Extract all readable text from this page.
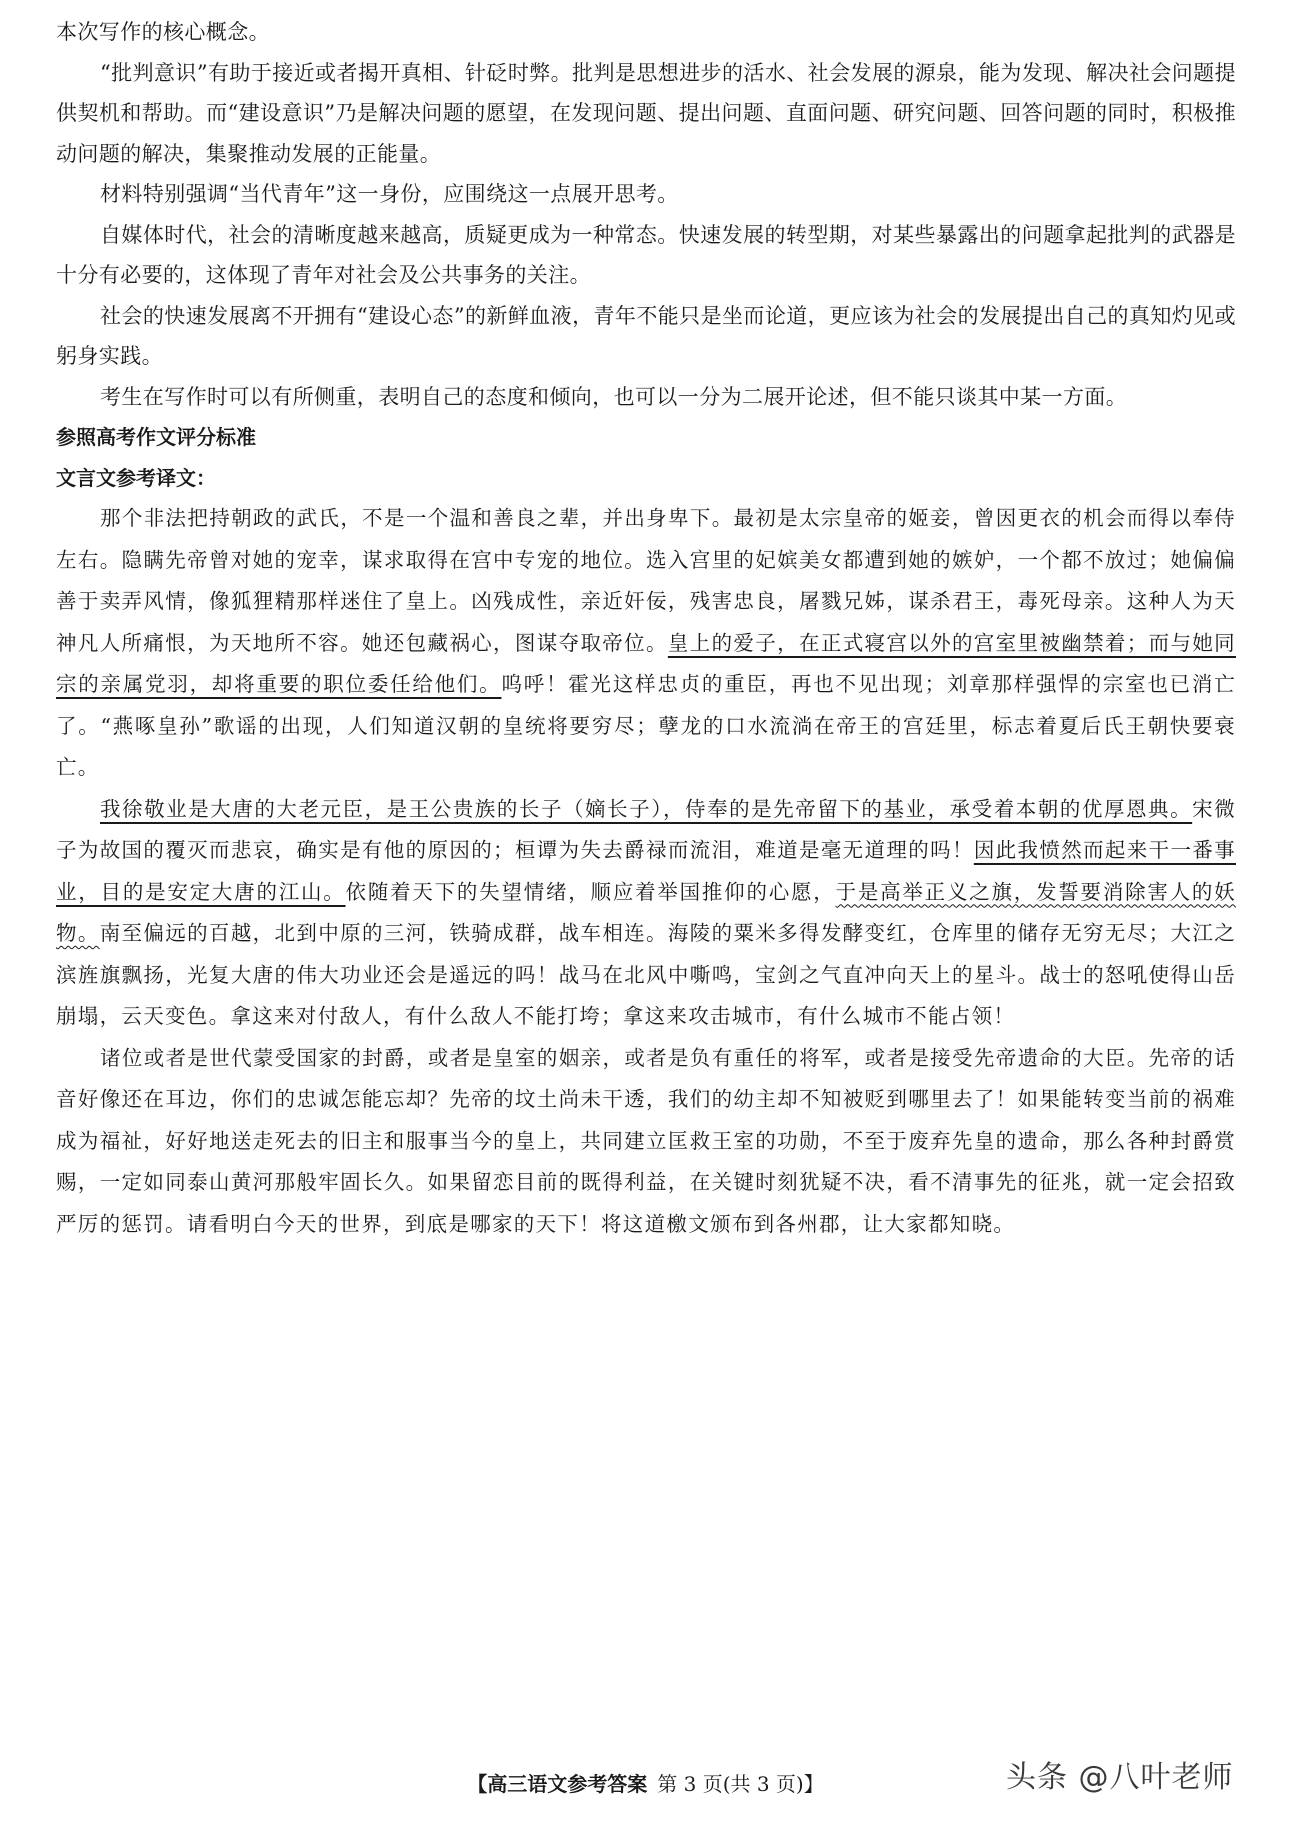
本次写作的核心概念。

“批判意识”有助于接近或者揭开真相、针砭时弊。批判是思想进步的活水、社会发展的源泉，能为发现、解决社会问题提供契机和帮助。而“建设意识”乃是解决问题的愿望，在发现问题、提出问题、直面问题、研究问题、回答问题的同时，积极推动问题的解决，集聚推动发展的正能量。

材料特别强调“当代青年”这一身份，应围绕这一点展开思考。

自媒体时代，社会的清晰度越来越高，质疑更成为一种常态。快速发展的转型期，对某些暴露出的问题拿起批判的武器是十分有必要的，这体现了青年对社会及公共事务的关注。

社会的快速发展离不开拥有“建设心态”的新鲜血液，青年不能只是坐而论道，更应该为社会的发展提出自己的真知灼见或躬身实践。

考生在写作时可以有所侧重，表明自己的态度和倾向，也可以一分为二展开论述，但不能只谈其中某一方面。

参照高考作文评分标准

文言文参考译文：

那个非法把持朝政的武氏，不是一个温和善良之辈，并出身卑下。最初是太宗皇帝的姬妾，曾因更衣的机会而得以奉侍左右。隐瞒先帝曾对她的宠幸，谋求取得在宫中专宠的地位。选入宫里的妃嫔美女都遭到她的嫉妒，一个都不放过；她偏偏善于卖弄风情，像狐狸精那样迷住了皇上。凶残成性，亲近奸佞，残害忠良，屠戮兄姊，谋杀君王，毒死母亲。这种人为天神凡人所痛恨，为天地所不容。她还包藏祸心，图谋夺取帝位。皇上的爱子，在正式寝宫以外的宫室里被幽禁着；而与她同宗的亲属党羽，却将重要的职位委任给他们。呜呼！霍光这样忠贞的重臣，再也不见出现；刘章那样强悍的宗室也已消亡了。“燕啄皇孙”歌谣的出现，人们知道汉朝的皇统将要穷尽；孽龙的口水流淌在帝王的宫廷里，标志着夏后氏王朝快要衰亡。

我徐敬业是大唐的大老元臣，是王公贵族的长子（嫡长子），侍奉的是先帝留下的基业，承受着本朝的优厚恩典。宋微子为故国的覆灭而悲哀，确实是有他的原因的；桓谭为失去爵禄而流泪，难道是毫无道理的吗！因此我愤然而起来干一番事业，目的是安定大唐的江山。依随着天下的失望情绪，顺应着举国推仰的心愿，于是高举正义之旗，发誓要消除害人的妖物。南至偏远的百越，北到中原的三河，铁骑成群，战车相连。海陵的粟米多得发酵变红，仓库里的储存无穷无尽；大江之滨旌旗飘扬，光复大唐的伟大功业还会是遥远的吗！战马在北风中嘶鸣，宝剑之气直冲向天上的星斗。战士的怒吼使得山岳崩塌，云天变色。拿这来对付敌人，有什么敌人不能打垮；拿这来攻击城市，有什么城市不能占领！

诸位或者是世代蒙受国家的封爵，或者是皇室的姻亲，或者是负有重任的将军，或者是接受先帝遗命的大臣。先帝的话音好像还在耳边，你们的忠诚怎能忘却？先帝的坟土尚未干透，我们的幼主却不知被贬到哪里去了！如果能转变当前的祸难成为福祉，好好地送走死去的旧主和服事当今的皇上，共同建立匡救王室的功勋，不至于废弃先皇的遗命，那么各种封爵赏赐，一定如同泰山黄河那般牢固长久。如果留恋目前的既得利益，在关键时刻犹疑不决，看不清事先的征兆，就一定会招致严厉的惩罚。请看明白今天的世界，到底是哪家的天下！将这道檄文颁布到各州郡，让大家都知晓。

【高三语文参考答案 第 3 页(共 3 页)】	头条 @八叶老师
